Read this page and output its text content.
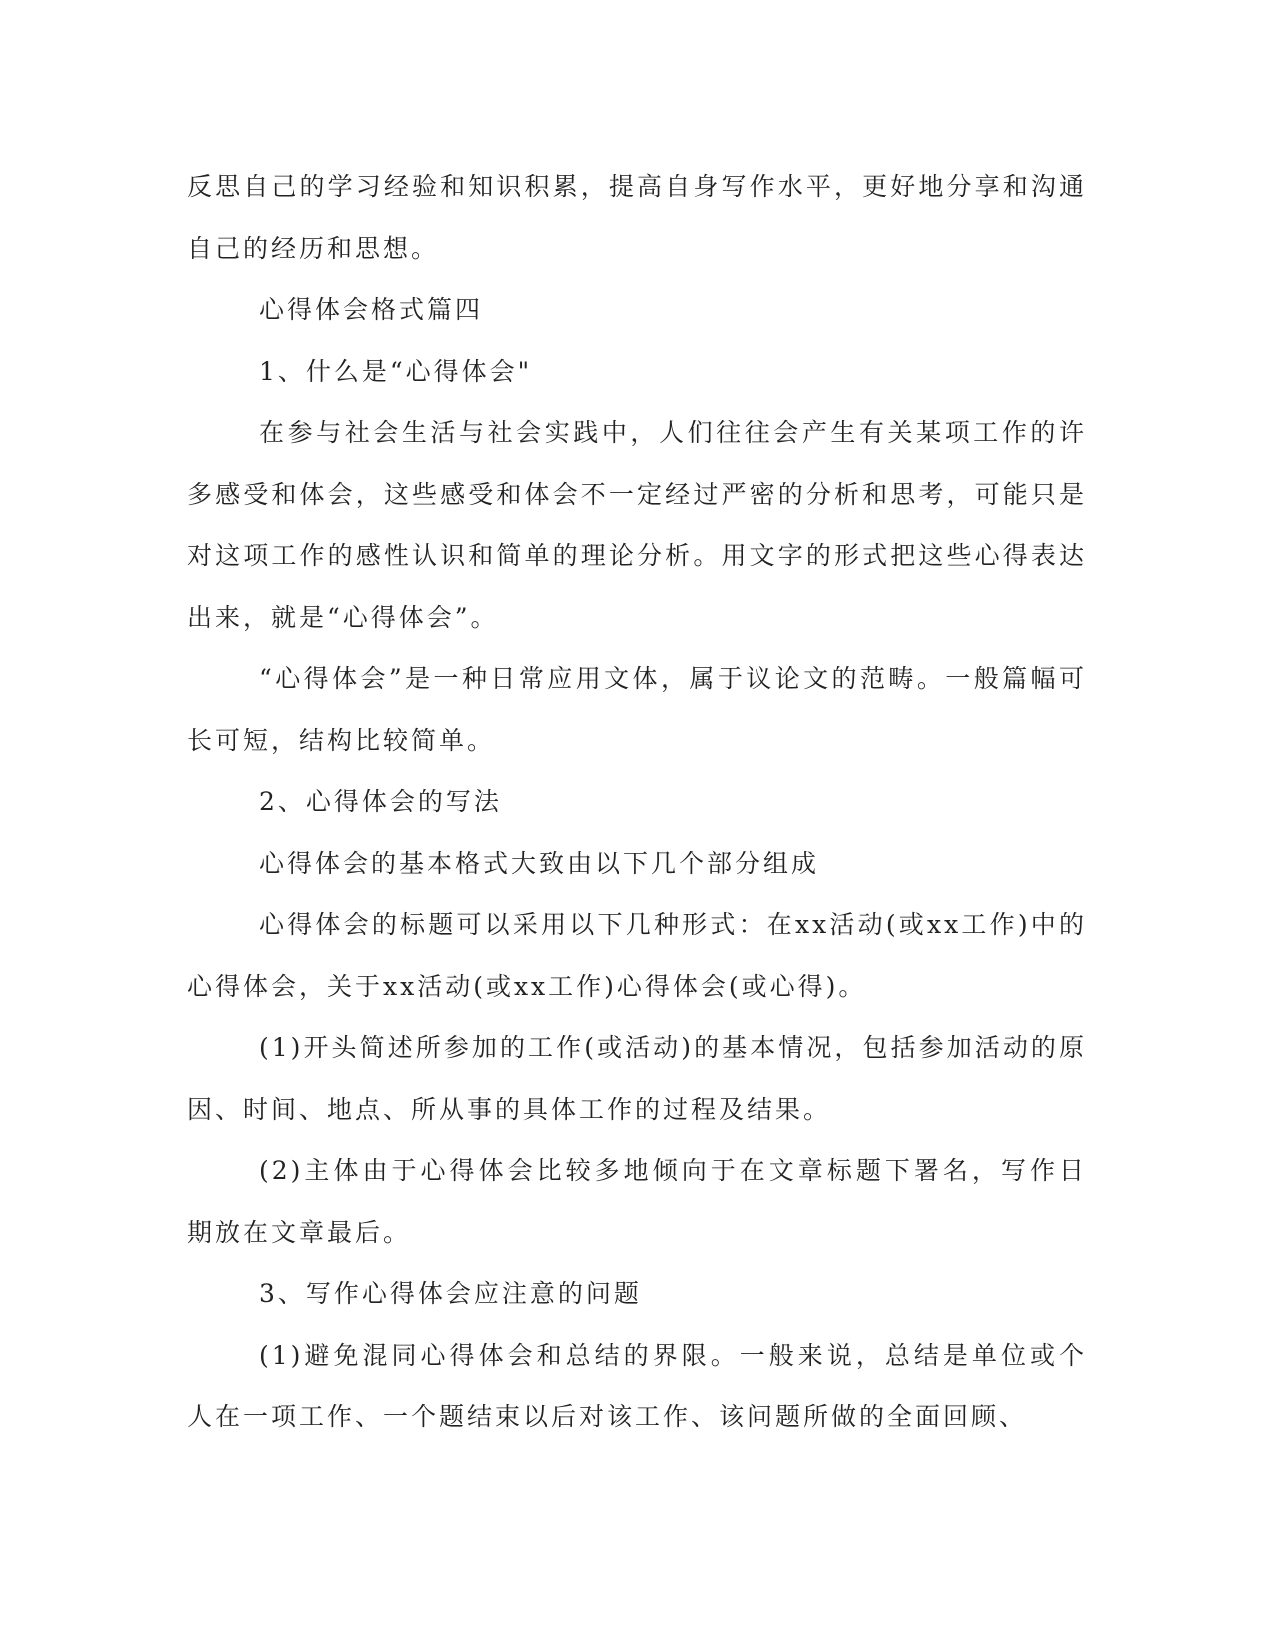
反思自己的学习经验和知识积累，提高自身写作水平，更好地分享和沟通自己的经历和思想。

心得体会格式篇四

1、什么是“心得体会"

在参与社会生活与社会实践中，人们往往会产生有关某项工作的许多感受和体会，这些感受和体会不一定经过严密的分析和思考，可能只是对这项工作的感性认识和简单的理论分析。用文字的形式把这些心得表达出来，就是“心得体会”。

“心得体会”是一种日常应用文体，属于议论文的范畴。一般篇幅可长可短，结构比较简单。

2、心得体会的写法

心得体会的基本格式大致由以下几个部分组成

心得体会的标题可以采用以下几种形式：在xx活动(或xx工作)中的心得体会，关于xx活动(或xx工作)心得体会(或心得)。

(1)开头简述所参加的工作(或活动)的基本情况，包括参加活动的原因、时间、地点、所从事的具体工作的过程及结果。

(2)主体由于心得体会比较多地倾向于在文章标题下署名，写作日期放在文章最后。

3、写作心得体会应注意的问题

(1)避免混同心得体会和总结的界限。一般来说，总结是单位或个人在一项工作、一个题结束以后对该工作、该问题所做的全面回顾、
